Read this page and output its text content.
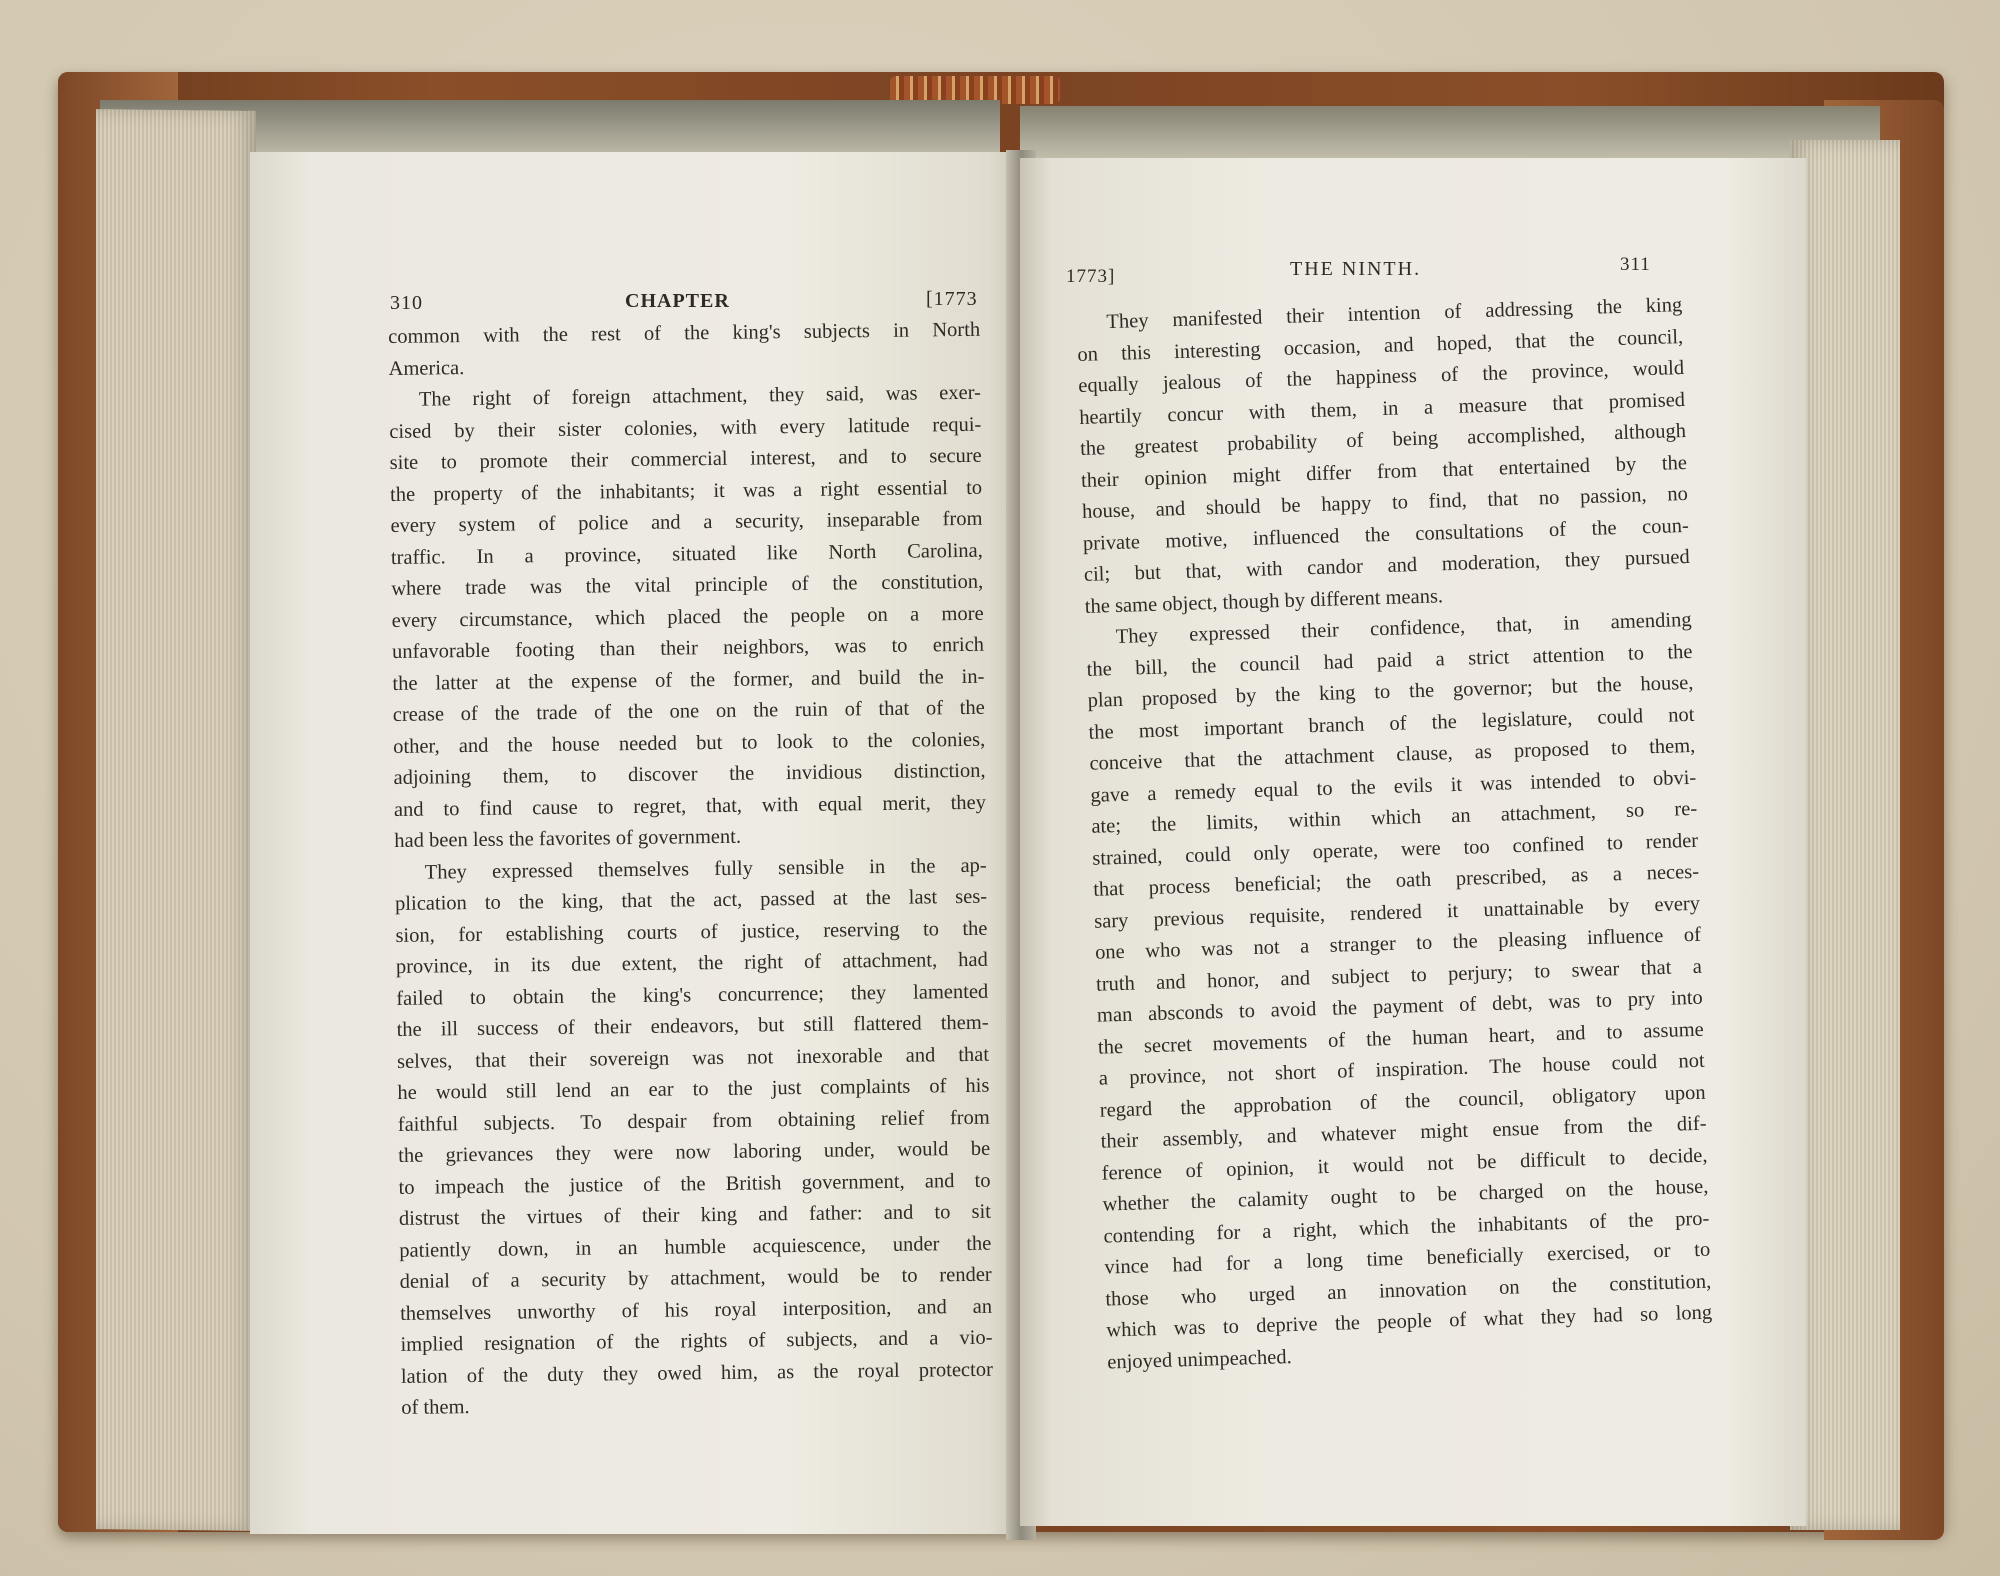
310	CHAPTER	[1773

common with the rest of the king's subjects in North
America.

The right of foreign attachment, they said, was exer-
cised by their sister colonies, with every latitude requi-
site to promote their commercial interest, and to secure
the property of the inhabitants; it was a right essential to
every system of police and a security, inseparable from
traffic. In a province, situated like North Carolina,
where trade was the vital principle of the constitution,
every circumstance, which placed the people on a more
unfavorable footing than their neighbors, was to enrich
the latter at the expense of the former, and build the in-
crease of the trade of the one on the ruin of that of the
other, and the house needed but to look to the colonies,
adjoining them, to discover the invidious distinction,
and to find cause to regret, that, with equal merit, they
had been less the favorites of government.

They expressed themselves fully sensible in the ap-
plication to the king, that the act, passed at the last ses-
sion, for establishing courts of justice, reserving to the
province, in its due extent, the right of attachment, had
failed to obtain the king's concurrence; they lamented
the ill success of their endeavors, but still flattered them-
selves, that their sovereign was not inexorable and that
he would still lend an ear to the just complaints of his
faithful subjects. To despair from obtaining relief from
the grievances they were now laboring under, would be
to impeach the justice of the British government, and to
distrust the virtues of their king and father: and to sit
patiently down, in an humble acquiescence, under the
denial of a security by attachment, would be to render
themselves unworthy of his royal interposition, and an
implied resignation of the rights of subjects, and a vio-
lation of the duty they owed him, as the royal protector
of them.

1773]	THE NINTH.	311

They manifested their intention of addressing the king
on this interesting occasion, and hoped, that the council,
equally jealous of the happiness of the province, would
heartily concur with them, in a measure that promised
the greatest probability of being accomplished, although
their opinion might differ from that entertained by the
house, and should be happy to find, that no passion, no
private motive, influenced the consultations of the coun-
cil; but that, with candor and moderation, they pursued
the same object, though by different means.

They expressed their confidence, that, in amending
the bill, the council had paid a strict attention to the
plan proposed by the king to the governor; but the house,
the most important branch of the legislature, could not
conceive that the attachment clause, as proposed to them,
gave a remedy equal to the evils it was intended to obvi-
ate; the limits, within which an attachment, so re-
strained, could only operate, were too confined to render
that process beneficial; the oath prescribed, as a neces-
sary previous requisite, rendered it unattainable by every
one who was not a stranger to the pleasing influence of
truth and honor, and subject to perjury; to swear that a
man absconds to avoid the payment of debt, was to pry into
the secret movements of the human heart, and to assume
a province, not short of inspiration. The house could not
regard the approbation of the council, obligatory upon
their assembly, and whatever might ensue from the dif-
ference of opinion, it would not be difficult to decide,
whether the calamity ought to be charged on the house,
contending for a right, which the inhabitants of the pro-
vince had for a long time beneficially exercised, or to
those who urged an innovation on the constitution,
which was to deprive the people of what they had so long
enjoyed unimpeached.
